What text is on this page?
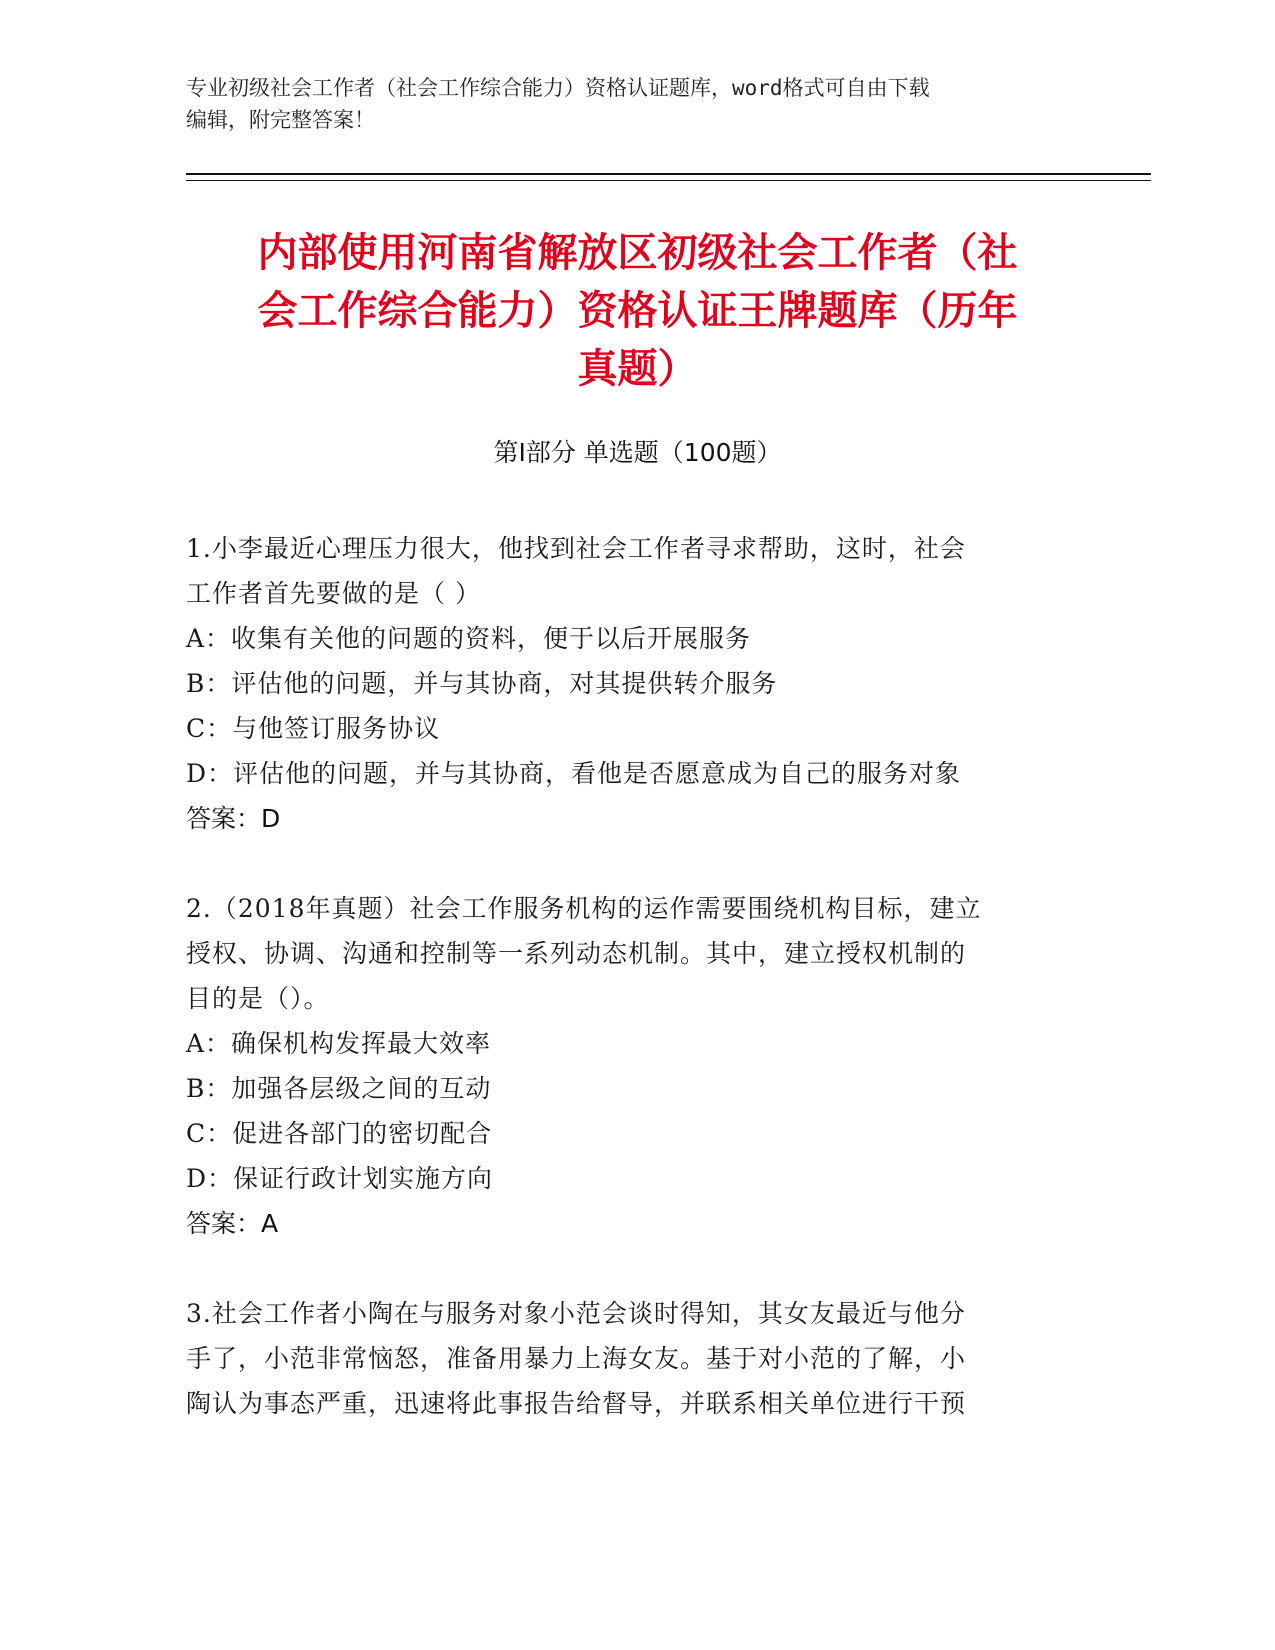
专业初级社会工作者（社会工作综合能力）资格认证题库，word格式可自由下载
编辑，附完整答案！
内部使用河南省解放区初级社会工作者（社
会工作综合能力）资格认证王牌题库（历年
真题）
第Ⅰ部分 单选题（100题）
1.小李最近心理压力很大，他找到社会工作者寻求帮助，这时，社会
工作者首先要做的是（ ）
A：收集有关他的问题的资料，便于以后开展服务
B：评估他的问题，并与其协商，对其提供转介服务
C：与他签订服务协议
D：评估他的问题，并与其协商，看他是否愿意成为自己的服务对象
答案：D
2.（2018年真题）社会工作服务机构的运作需要围绕机构目标，建立
授权、协调、沟通和控制等一系列动态机制。其中，建立授权机制的
目的是（）。
A：确保机构发挥最大效率
B：加强各层级之间的互动
C：促进各部门的密切配合
D：保证行政计划实施方向
答案：A
3.社会工作者小陶在与服务对象小范会谈时得知，其女友最近与他分
手了，小范非常恼怒，准备用暴力上海女友。基于对小范的了解，小
陶认为事态严重，迅速将此事报告给督导，并联系相关单位进行干预
